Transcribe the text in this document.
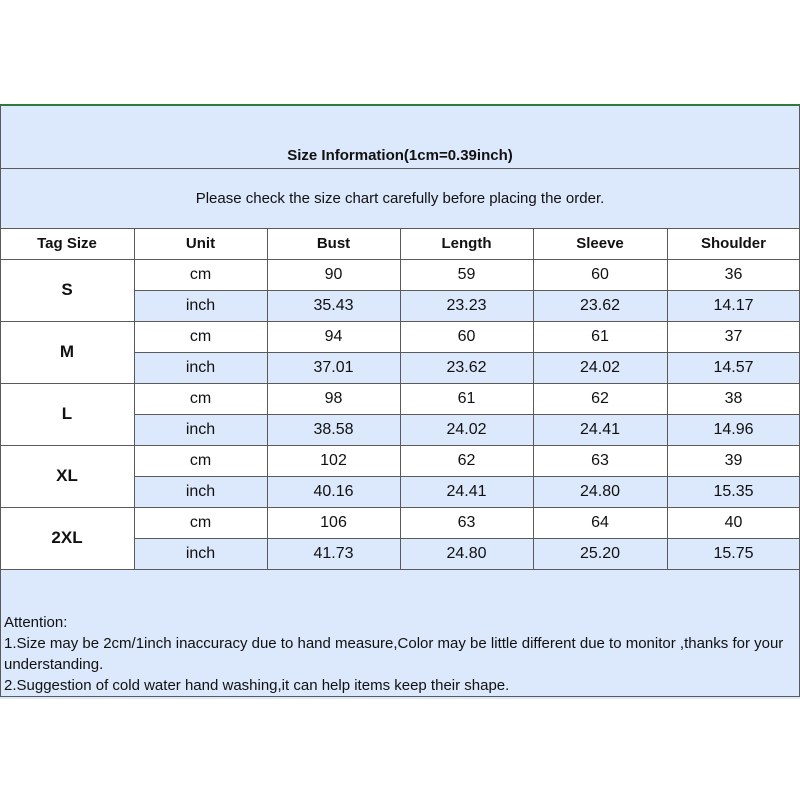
Size Information(1cm=0.39inch)
Please check the size chart carefully before placing the order.
Tag Size	Unit	Bust	Length	Sleeve	Shoulder
S
cm	90	59	60	36
inch	35.43	23.23	23.62	14.17
M
cm	94	60	61	37
inch	37.01	23.62	24.02	14.57
L
cm	98	61	62	38
inch	38.58	24.02	24.41	14.96
XL
cm	102	62	63	39
inch	40.16	24.41	24.80	15.35
2XL
cm	106	63	64	40
inch	41.73	24.80	25.20	15.75
Attention:
1.Size may be 2cm/1inch inaccuracy due to hand measure,Color may be little different due to monitor ,thanks for your understanding.
2.Suggestion of cold water hand washing,it can help items keep their shape.
